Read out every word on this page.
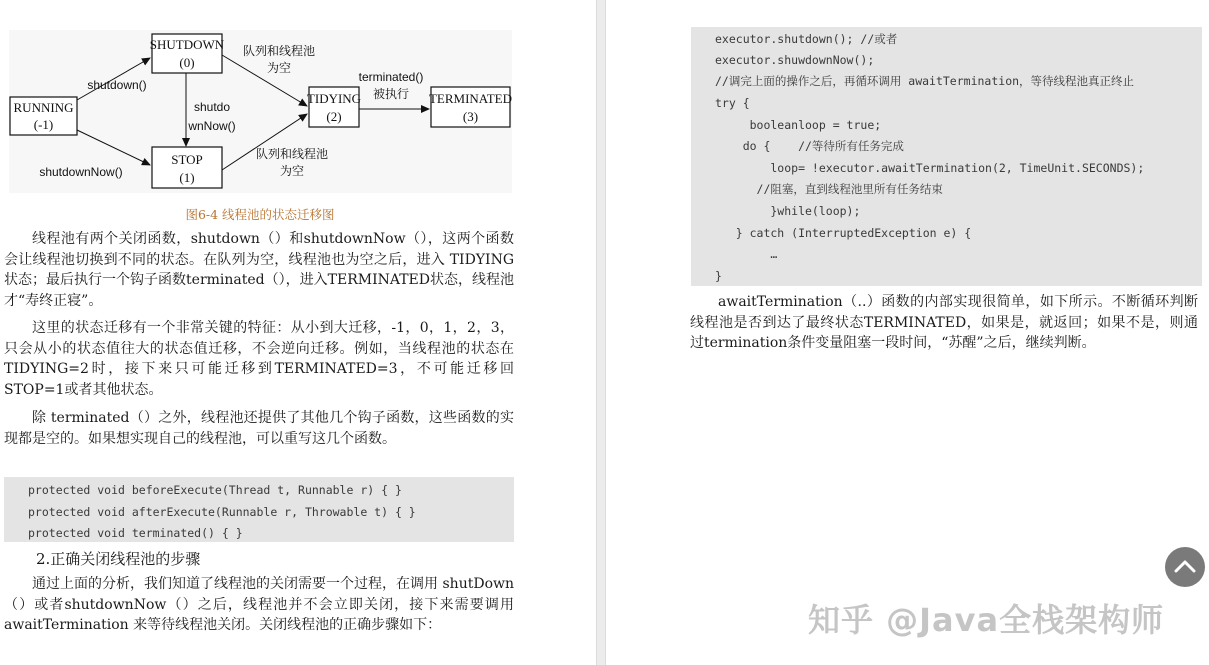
RUNNING
(-1)
SHUTDOWN
(0)
STOP
(1)
TIDYING
(2)
TERMINATED
(3)
shutdown()
shutdownNow()
shutdo
wnNow()
队列和线程池
为空
队列和线程池
为空
terminated()
被执行
图6-4 线程池的状态迁移图

线程池有两个关闭函数，shutdown（）和shutdownNow（），这两个函数会让线程池切换到不同的状态。在队列为空，线程池也为空之后，进入 TIDYING 状态；最后执行一个钩子函数terminated（），进入TERMINATED状态，线程池才“寿终正寝”。

这里的状态迁移有一个非常关键的特征：从小到大迁移，-1，0，1，2，3，只会从小的状态值往大的状态值迁移，不会逆向迁移。例如，当线程池的状态在TIDYING=2时，接下来只可能迁移到TERMINATED=3，不可能迁移回STOP=1或者其他状态。

除 terminated（）之外，线程池还提供了其他几个钩子函数，这些函数的实现都是空的。如果想实现自己的线程池，可以重写这几个函数。

protected void beforeExecute(Thread t, Runnable r) { }
protected void afterExecute(Runnable r, Throwable t) { }
protected void terminated() { }
2.正确关闭线程池的步骤

通过上面的分析，我们知道了线程池的关闭需要一个过程，在调用 shutDown（）或者shutdownNow（）之后，线程池并不会立即关闭，接下来需要调用 awaitTermination 来等待线程池关闭。关闭线程池的正确步骤如下：

executor.shutdown(); //或者
executor.shuwdownNow();
//调完上面的操作之后，再循环调用 awaitTermination，等待线程池真正终止
try {
booleanloop = true;
do {    //等待所有任务完成
loop= !executor.awaitTermination(2, TimeUnit.SECONDS);
//阻塞，直到线程池里所有任务结束
}while(loop);
} catch (InterruptedException e) {
…
}

awaitTermination（..）函数的内部实现很简单，如下所示。不断循环判断线程池是否到达了最终状态TERMINATED，如果是，就返回；如果不是，则通过termination条件变量阻塞一段时间，“苏醒”之后，继续判断。

知乎 @Java全栈架构师
